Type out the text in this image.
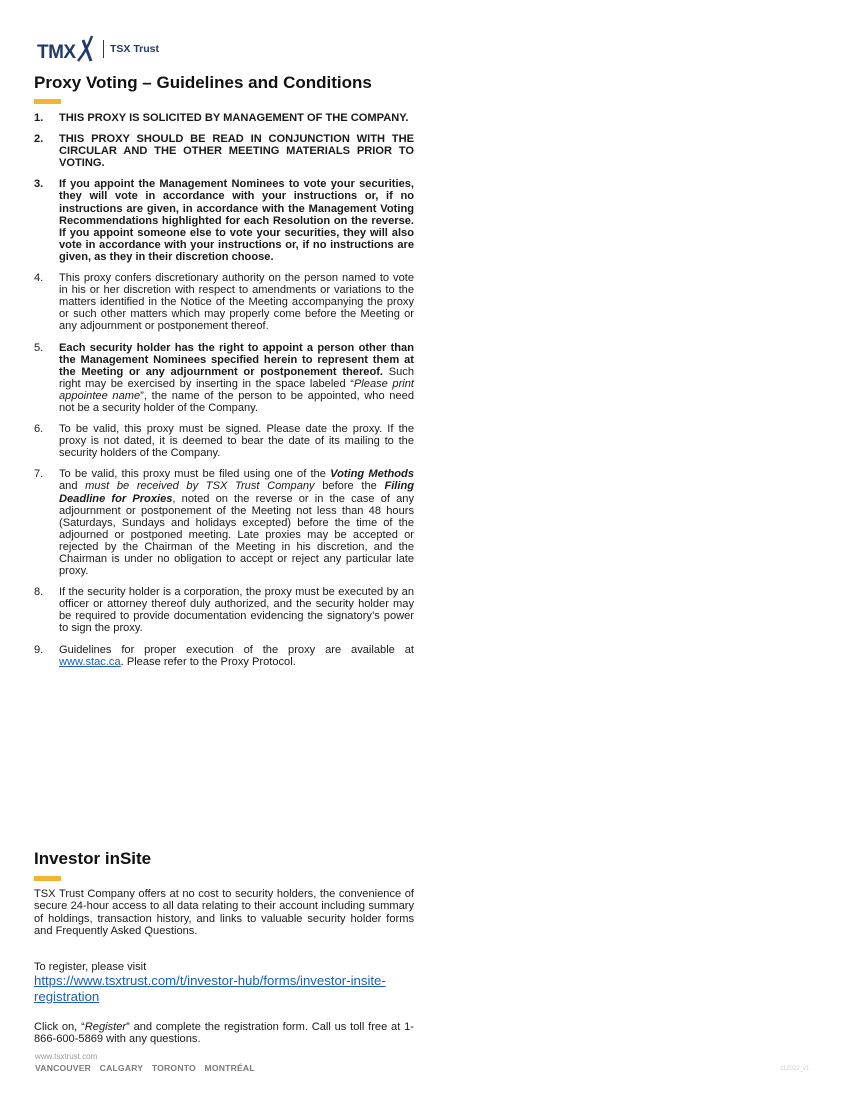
TMX	TSX Trust
Proxy Voting – Guidelines and Conditions
1. THIS PROXY IS SOLICITED BY MANAGEMENT OF THE COMPANY.
2. THIS PROXY SHOULD BE READ IN CONJUNCTION WITH THE CIRCULAR AND THE OTHER MEETING MATERIALS PRIOR TO VOTING.
3. If you appoint the Management Nominees to vote your securities, they will vote in accordance with your instructions or, if no instructions are given, in accordance with the Management Voting Recommendations highlighted for each Resolution on the reverse. If you appoint someone else to vote your securities, they will also vote in accordance with your instructions or, if no instructions are given, as they in their discretion choose.
4. This proxy confers discretionary authority on the person named to vote in his or her discretion with respect to amendments or variations to the matters identified in the Notice of the Meeting accompanying the proxy or such other matters which may properly come before the Meeting or any adjournment or postponement thereof.
5. Each security holder has the right to appoint a person other than the Management Nominees specified herein to represent them at the Meeting or any adjournment or postponement thereof. Such right may be exercised by inserting in the space labeled “Please print appointee name”, the name of the person to be appointed, who need not be a security holder of the Company.
6. To be valid, this proxy must be signed. Please date the proxy. If the proxy is not dated, it is deemed to bear the date of its mailing to the security holders of the Company.
7. To be valid, this proxy must be filed using one of the Voting Methods and must be received by TSX Trust Company before the Filing Deadline for Proxies, noted on the reverse or in the case of any adjournment or postponement of the Meeting not less than 48 hours (Saturdays, Sundays and holidays excepted) before the time of the adjourned or postponed meeting. Late proxies may be accepted or rejected by the Chairman of the Meeting in his discretion, and the Chairman is under no obligation to accept or reject any particular late proxy.
8. If the security holder is a corporation, the proxy must be executed by an officer or attorney thereof duly authorized, and the security holder may be required to provide documentation evidencing the signatory’s power to sign the proxy.
9. Guidelines for proper execution of the proxy are available at www.stac.ca. Please refer to the Proxy Protocol.
Investor inSite

TSX Trust Company offers at no cost to security holders, the convenience of secure 24-hour access to all data relating to their account including summary of holdings, transaction history, and links to valuable security holder forms and Frequently Asked Questions.

To register, please visit
https://www.tsxtrust.com/t/investor-hub/forms/investor-insite-registration

Click on, “Register” and complete the registration form. Call us toll free at 1-866-600-5869 with any questions.

www.tsxtrust.com
VANCOUVER CALGARY TORONTO MONTRÉAL	112022_v1
